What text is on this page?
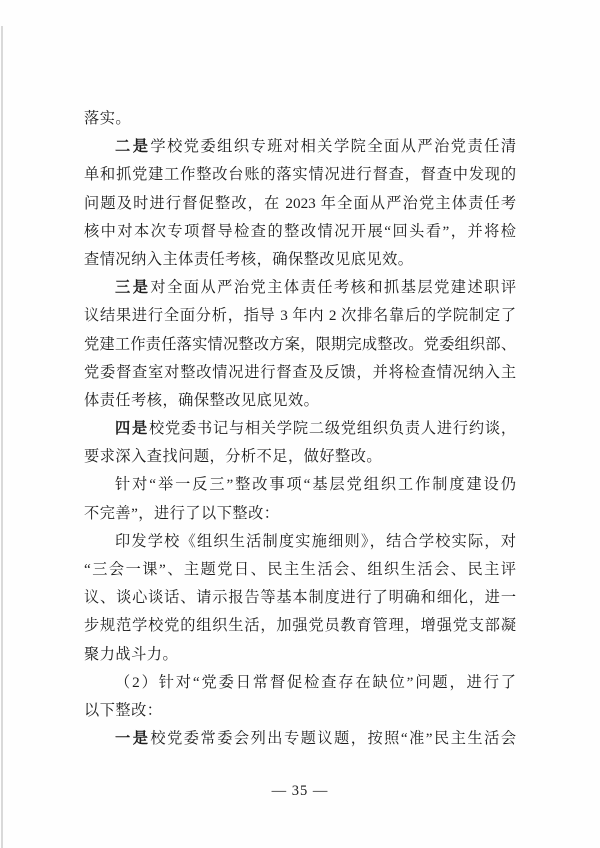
落实。
二是学校党委组织专班对相关学院全面从严治党责任清
单和抓党建工作整改台账的落实情况进行督查，督查中发现的
问题及时进行督促整改，在 2023 年全面从严治党主体责任考
核中对本次专项督导检查的整改情况开展“回头看”，并将检
查情况纳入主体责任考核，确保整改见底见效。
三是对全面从严治党主体责任考核和抓基层党建述职评
议结果进行全面分析，指导 3 年内 2 次排名靠后的学院制定了
党建工作责任落实情况整改方案，限期完成整改。党委组织部、
党委督查室对整改情况进行督查及反馈，并将检查情况纳入主
体责任考核，确保整改见底见效。
四是校党委书记与相关学院二级党组织负责人进行约谈，
要求深入查找问题，分析不足，做好整改。
针对“举一反三”整改事项“基层党组织工作制度建设仍
不完善”，进行了以下整改：
印发学校《组织生活制度实施细则》，结合学校实际，对
“三会一课”、主题党日、民主生活会、组织生活会、民主评
议、谈心谈话、请示报告等基本制度进行了明确和细化，进一
步规范学校党的组织生活，加强党员教育管理，增强党支部凝
聚力战斗力。
（2）针对“党委日常督促检查存在缺位”问题，进行了
以下整改：
一是校党委常委会列出专题议题，按照“准”民主生活会
— 35 —
